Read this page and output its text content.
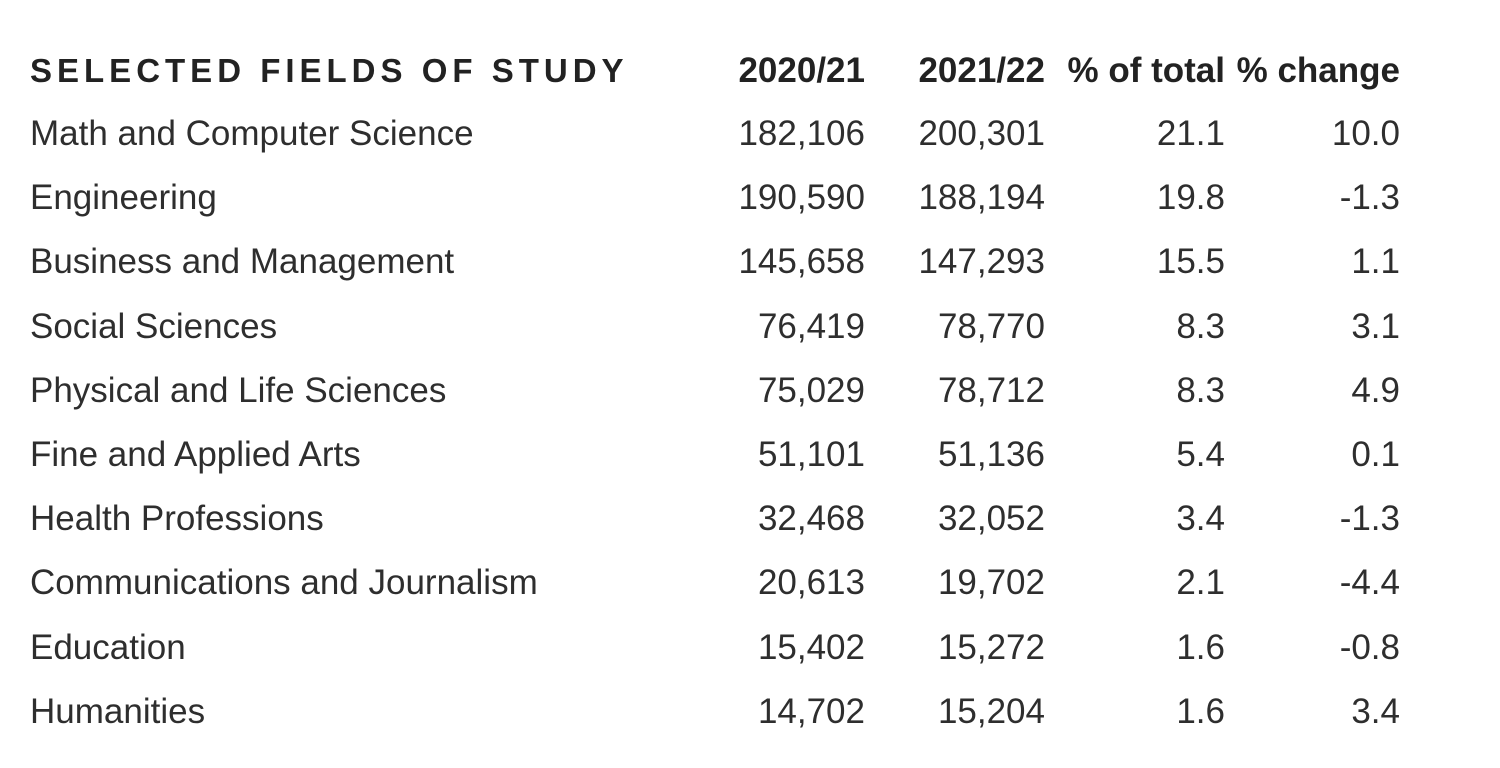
SELECTED FIELDS OF STUDY	2020/21	2021/22	% of total	% change
Math and Computer Science	182,106	200,301	21.1	10.0
Engineering	190,590	188,194	19.8	-1.3
Business and Management	145,658	147,293	15.5	1.1
Social Sciences	76,419	78,770	8.3	3.1
Physical and Life Sciences	75,029	78,712	8.3	4.9
Fine and Applied Arts	51,101	51,136	5.4	0.1
Health Professions	32,468	32,052	3.4	-1.3
Communications and Journalism	20,613	19,702	2.1	-4.4
Education	15,402	15,272	1.6	-0.8
Humanities	14,702	15,204	1.6	3.4
